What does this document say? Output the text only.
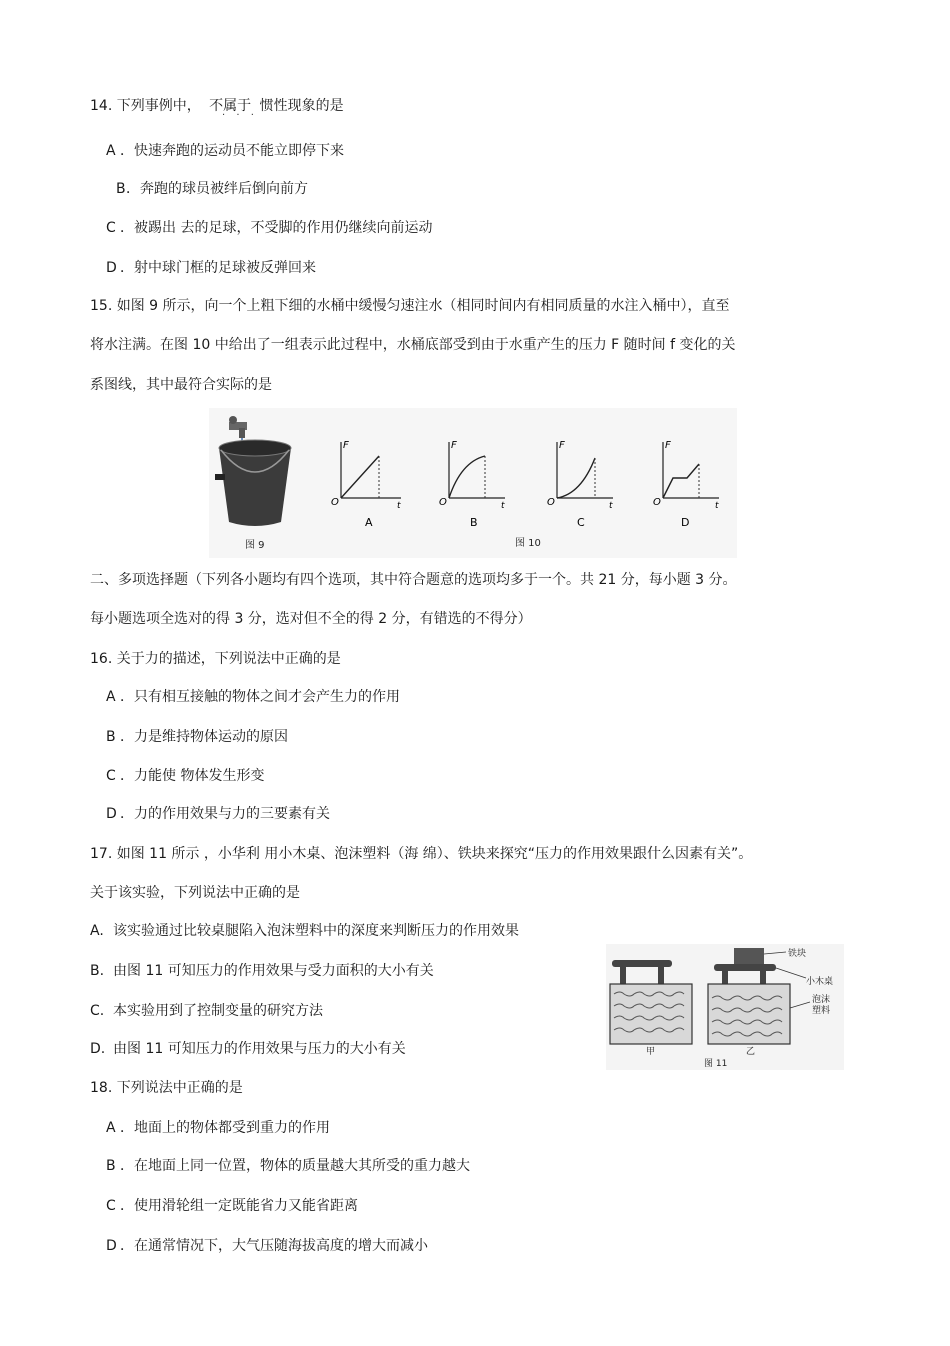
14. 下列事例中， 不属于 惯性现象的是
· · ·
A ．快速奔跑的运动员不能立即停下来
B ．奔跑的球员被绊后倒向前方
C ．被踢出 去的足球，不受脚的作用仍继续向前运动
D ．射中球门框的足球被反弹回来
15. 如图 9 所示，向一个上粗下细的水桶中缓慢匀速注水（相同时间内有相同质量的水注入桶中），直至
将水注满。在图 10 中给出了一组表示此过程中，水桶底部受到由于水重产生的压力 F 随时间 f 变化的关
系图线，其中最符合实际的是
图 9
F
O	t
A
F
O	t
B
F
O	t
C
F
O	t
D
图 10
二、多项选择题（下列各小题均有四个选项，其中符合题意的选项均多于一个。共 21 分，每小题 3 分。
每小题选项全选对的得 3 分，选对但不全的得 2 分，有错选的不得分）
16. 关于力的描述，下列说法中正确的是
A ．只有相互接触的物体之间才会产生力的作用
B ．力是维持物体运动的原因
C ．力能使 物体发生形变
D ．力的作用效果与力的三要素有关
17. 如图 11 所示 ，小华利 用小木桌、泡沫塑料（海 绵）、铁块来探究“压力的作用效果跟什么因素有关”。
关于该实验，下列说法中正确的是
A. 该实验通过比较桌腿陷入泡沫塑料中的深度来判断压力的作用效果
B. 由图 11 可知压力的作用效果与受力面积的大小有关
C. 本实验用到了控制变量的研究方法
D. 由图 11 可知压力的作用效果与压力的大小有关
铁块
小木桌
泡沫塑料
甲	乙
图 11
18. 下列说法中正确的是
A ．地面上的物体都受到重力的作用
B ．在地面上同一位置，物体的质量越大其所受的重力越大
C ．使用滑轮组一定既能省力又能省距离
D ．在通常情况下，大气压随海拔高度的增大而减小
